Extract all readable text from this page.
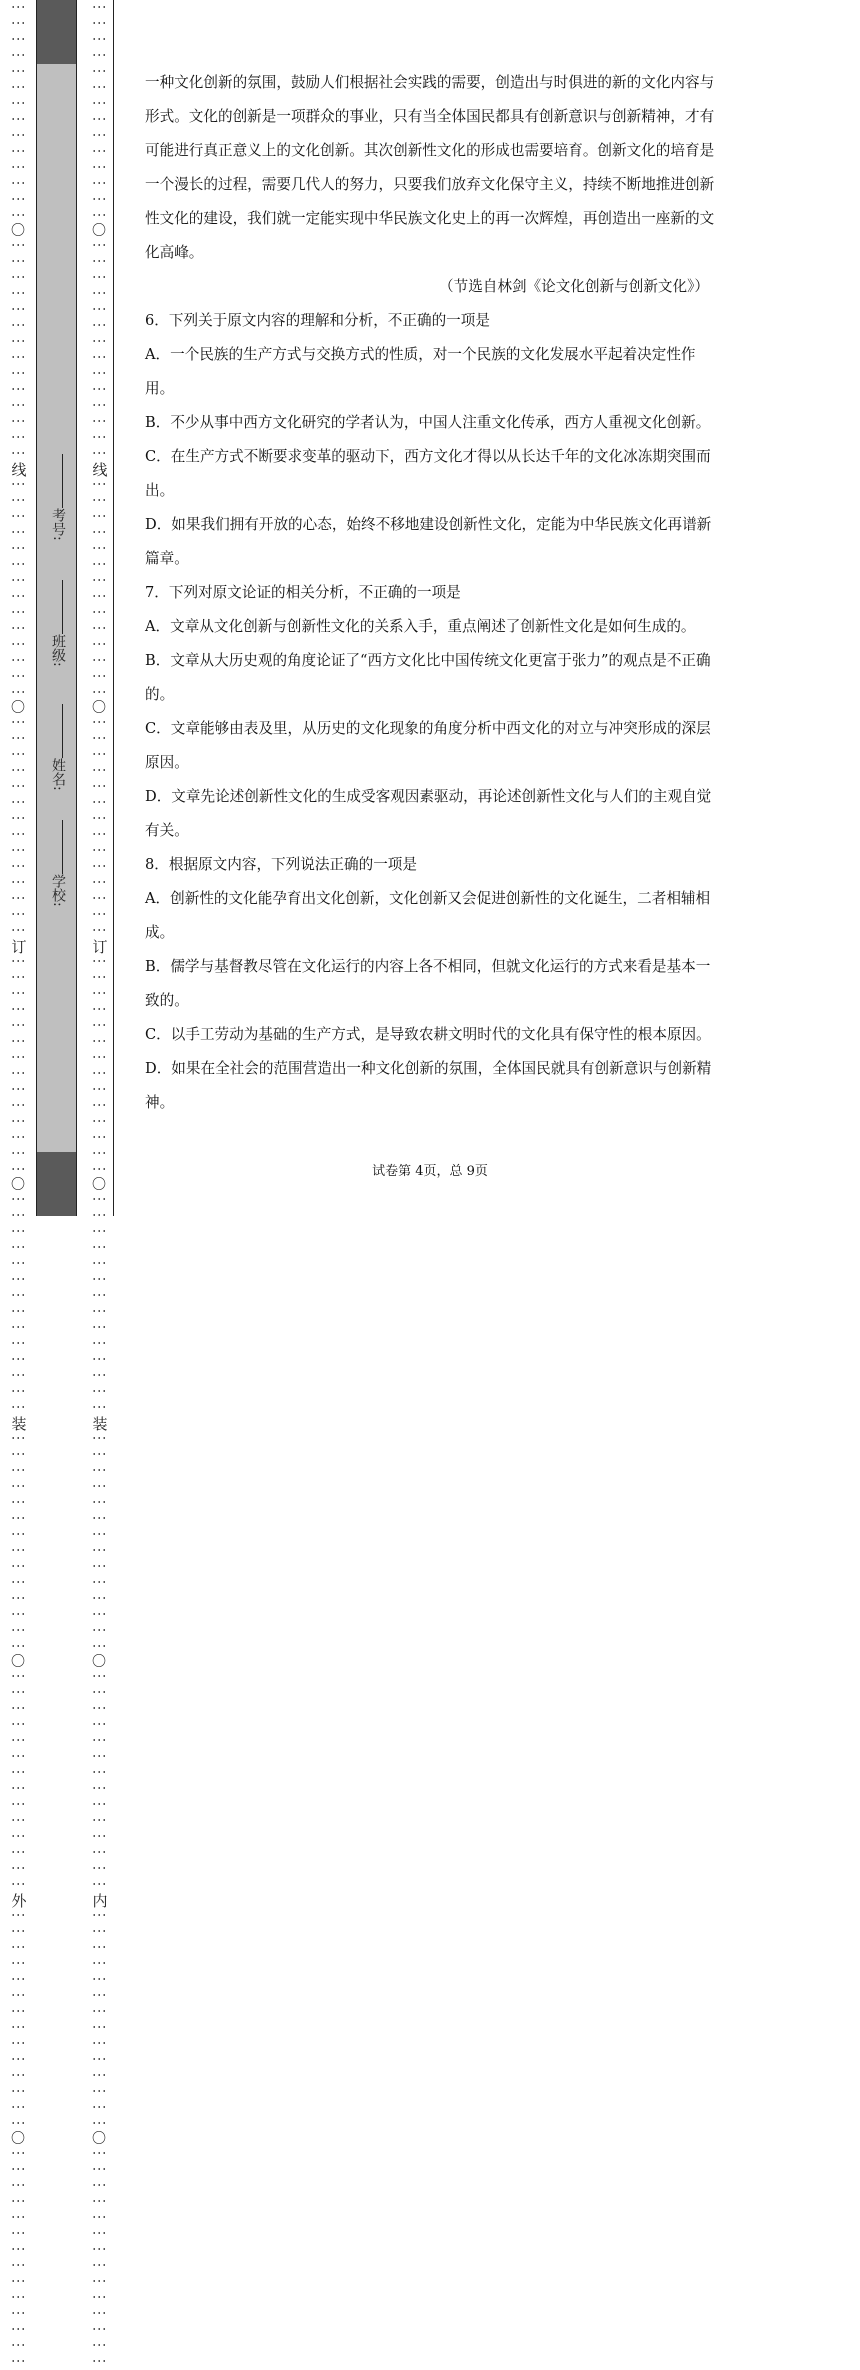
⋮⋮⋮⋮⋮⋮⋮⋮⋮⋮⋮⋮⋮⋮
〇
⋮⋮⋮⋮⋮⋮⋮⋮⋮⋮⋮⋮⋮⋮
线
⋮⋮⋮⋮⋮⋮⋮⋮⋮⋮⋮⋮⋮⋮
〇
⋮⋮⋮⋮⋮⋮⋮⋮⋮⋮⋮⋮⋮⋮
订
⋮⋮⋮⋮⋮⋮⋮⋮⋮⋮⋮⋮⋮⋮
〇
⋮⋮⋮⋮⋮⋮⋮⋮⋮⋮⋮⋮⋮⋮
装
⋮⋮⋮⋮⋮⋮⋮⋮⋮⋮⋮⋮⋮⋮
〇
⋮⋮⋮⋮⋮⋮⋮⋮⋮⋮⋮⋮⋮⋮
外
⋮⋮⋮⋮⋮⋮⋮⋮⋮⋮⋮⋮⋮⋮
〇
⋮⋮⋮⋮⋮⋮⋮⋮⋮⋮⋮⋮⋮⋮
⋮⋮⋮⋮⋮⋮⋮⋮⋮⋮⋮⋮⋮⋮
〇
⋮⋮⋮⋮⋮⋮⋮⋮⋮⋮⋮⋮⋮⋮
线
⋮⋮⋮⋮⋮⋮⋮⋮⋮⋮⋮⋮⋮⋮
〇
⋮⋮⋮⋮⋮⋮⋮⋮⋮⋮⋮⋮⋮⋮
订
⋮⋮⋮⋮⋮⋮⋮⋮⋮⋮⋮⋮⋮⋮
〇
⋮⋮⋮⋮⋮⋮⋮⋮⋮⋮⋮⋮⋮⋮
装
⋮⋮⋮⋮⋮⋮⋮⋮⋮⋮⋮⋮⋮⋮
〇
⋮⋮⋮⋮⋮⋮⋮⋮⋮⋮⋮⋮⋮⋮
内
⋮⋮⋮⋮⋮⋮⋮⋮⋮⋮⋮⋮⋮⋮
〇
⋮⋮⋮⋮⋮⋮⋮⋮⋮⋮⋮⋮⋮⋮
考号:
班级:
姓名:
学校:

一种文化创新的氛围，鼓励人们根据社会实践的需要，创造出与时俱进的新的文化内容与形式。文化的创新是一项群众的事业，只有当全体国民都具有创新意识与创新精神，才有可能进行真正意义上的文化创新。其次创新性文化的形成也需要培育。创新文化的培育是一个漫长的过程，需要几代人的努力，只要我们放弃文化保守主义，持续不断地推进创新性文化的建设，我们就一定能实现中华民族文化史上的再一次辉煌，再创造出一座新的文化高峰。

（节选自林剑《论文化创新与创新文化》）

6．下列关于原文内容的理解和分析，不正确的一项是

A．一个民族的生产方式与交换方式的性质，对一个民族的文化发展水平起着决定性作用。

B．不少从事中西方文化研究的学者认为，中国人注重文化传承，西方人重视文化创新。

C．在生产方式不断要求变革的驱动下，西方文化才得以从长达千年的文化冰冻期突围而出。

D．如果我们拥有开放的心态，始终不移地建设创新性文化，定能为中华民族文化再谱新篇章。

7．下列对原文论证的相关分析，不正确的一项是

A．文章从文化创新与创新性文化的关系入手，重点阐述了创新性文化是如何生成的。

B．文章从大历史观的角度论证了“西方文化比中国传统文化更富于张力”的观点是不正确的。

C．文章能够由表及里，从历史的文化现象的角度分析中西文化的对立与冲突形成的深层原因。

D．文章先论述创新性文化的生成受客观因素驱动，再论述创新性文化与人们的主观自觉有关。

8．根据原文内容，下列说法正确的一项是

A．创新性的文化能孕育出文化创新，文化创新又会促进创新性的文化诞生，二者相辅相成。

B．儒学与基督教尽管在文化运行的内容上各不相同，但就文化运行的方式来看是基本一致的。

C．以手工劳动为基础的生产方式，是导致农耕文明时代的文化具有保守性的根本原因。

D．如果在全社会的范围营造出一种文化创新的氛围，全体国民就具有创新意识与创新精神。

试卷第 4页，总 9页
